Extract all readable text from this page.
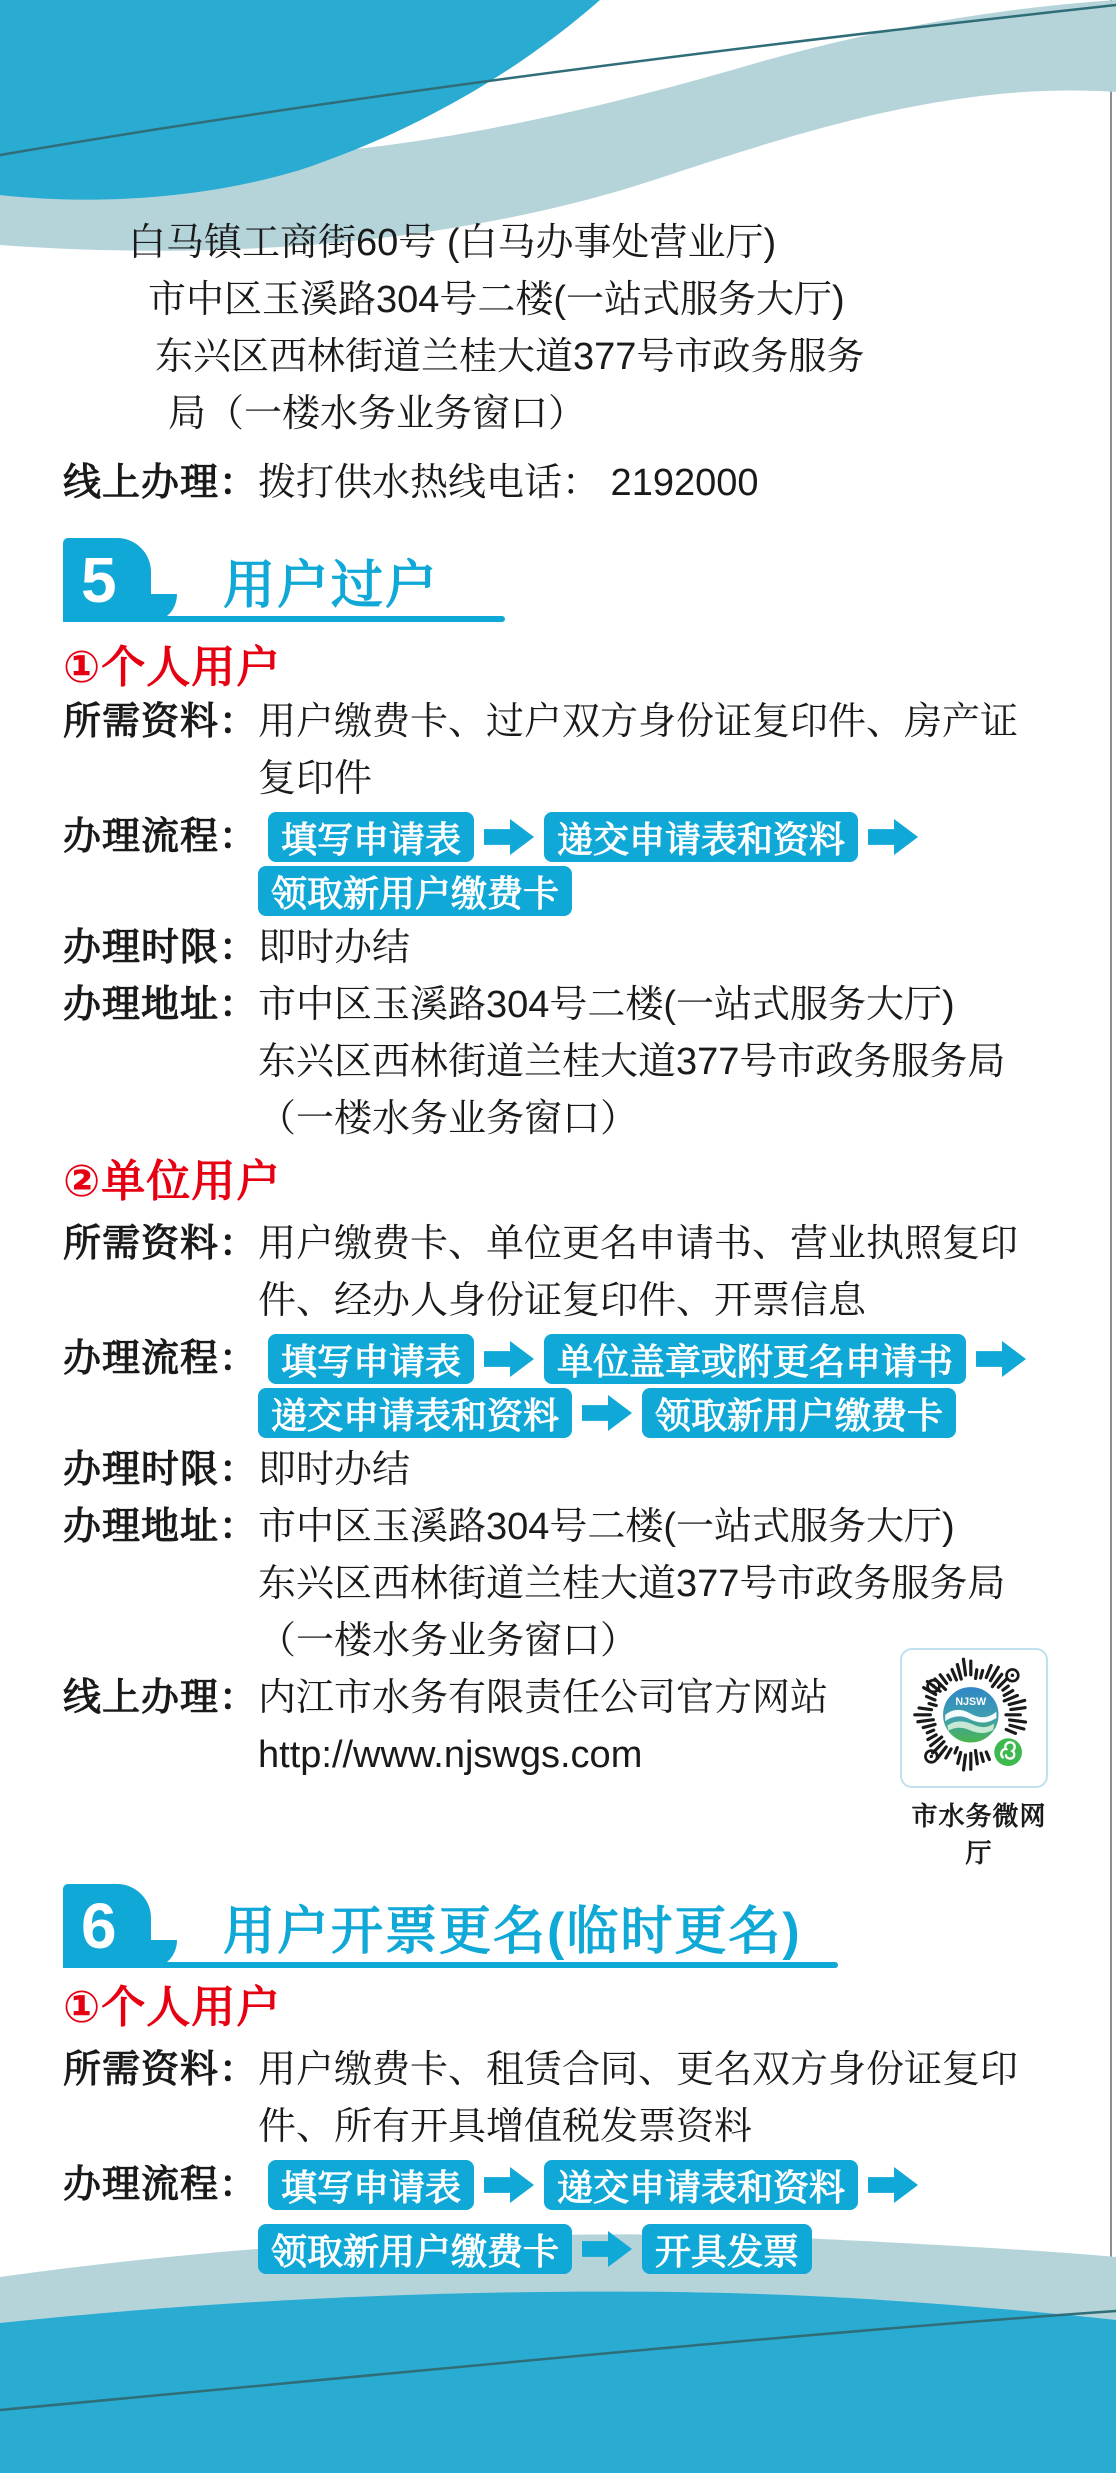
白马镇工商街60号 (白马办事处营业厅)
市中区玉溪路304号二楼(一站式服务大厅)
东兴区西林街道兰桂大道377号市政务服务
局（一楼水务业务窗口）
线上办理： 拨打供水热线电话： 2192000
5	用户过户
①个人用户
所需资料： 用户缴费卡、过户双方身份证复印件、房产证
复印件
办理流程： 填写申请表	递交申请表和资料
领取新用户缴费卡
办理时限： 即时办结
办理地址： 市中区玉溪路304号二楼(一站式服务大厅)
东兴区西林街道兰桂大道377号市政务服务局
（一楼水务业务窗口）
②单位用户
所需资料： 用户缴费卡、单位更名申请书、营业执照复印
件、经办人身份证复印件、开票信息
办理流程： 填写申请表	单位盖章或附更名申请书
递交申请表和资料	领取新用户缴费卡
办理时限： 即时办结
办理地址： 市中区玉溪路304号二楼(一站式服务大厅)
东兴区西林街道兰桂大道377号市政务服务局
（一楼水务业务窗口）
线上办理： 内江市水务有限责任公司官方网站
http://www.njswgs.com
NJSW
市水务微网厅
6	用户开票更名(临时更名)
①个人用户
所需资料： 用户缴费卡、租赁合同、更名双方身份证复印
件、所有开具增值税发票资料
办理流程： 填写申请表	递交申请表和资料
领取新用户缴费卡	开具发票
